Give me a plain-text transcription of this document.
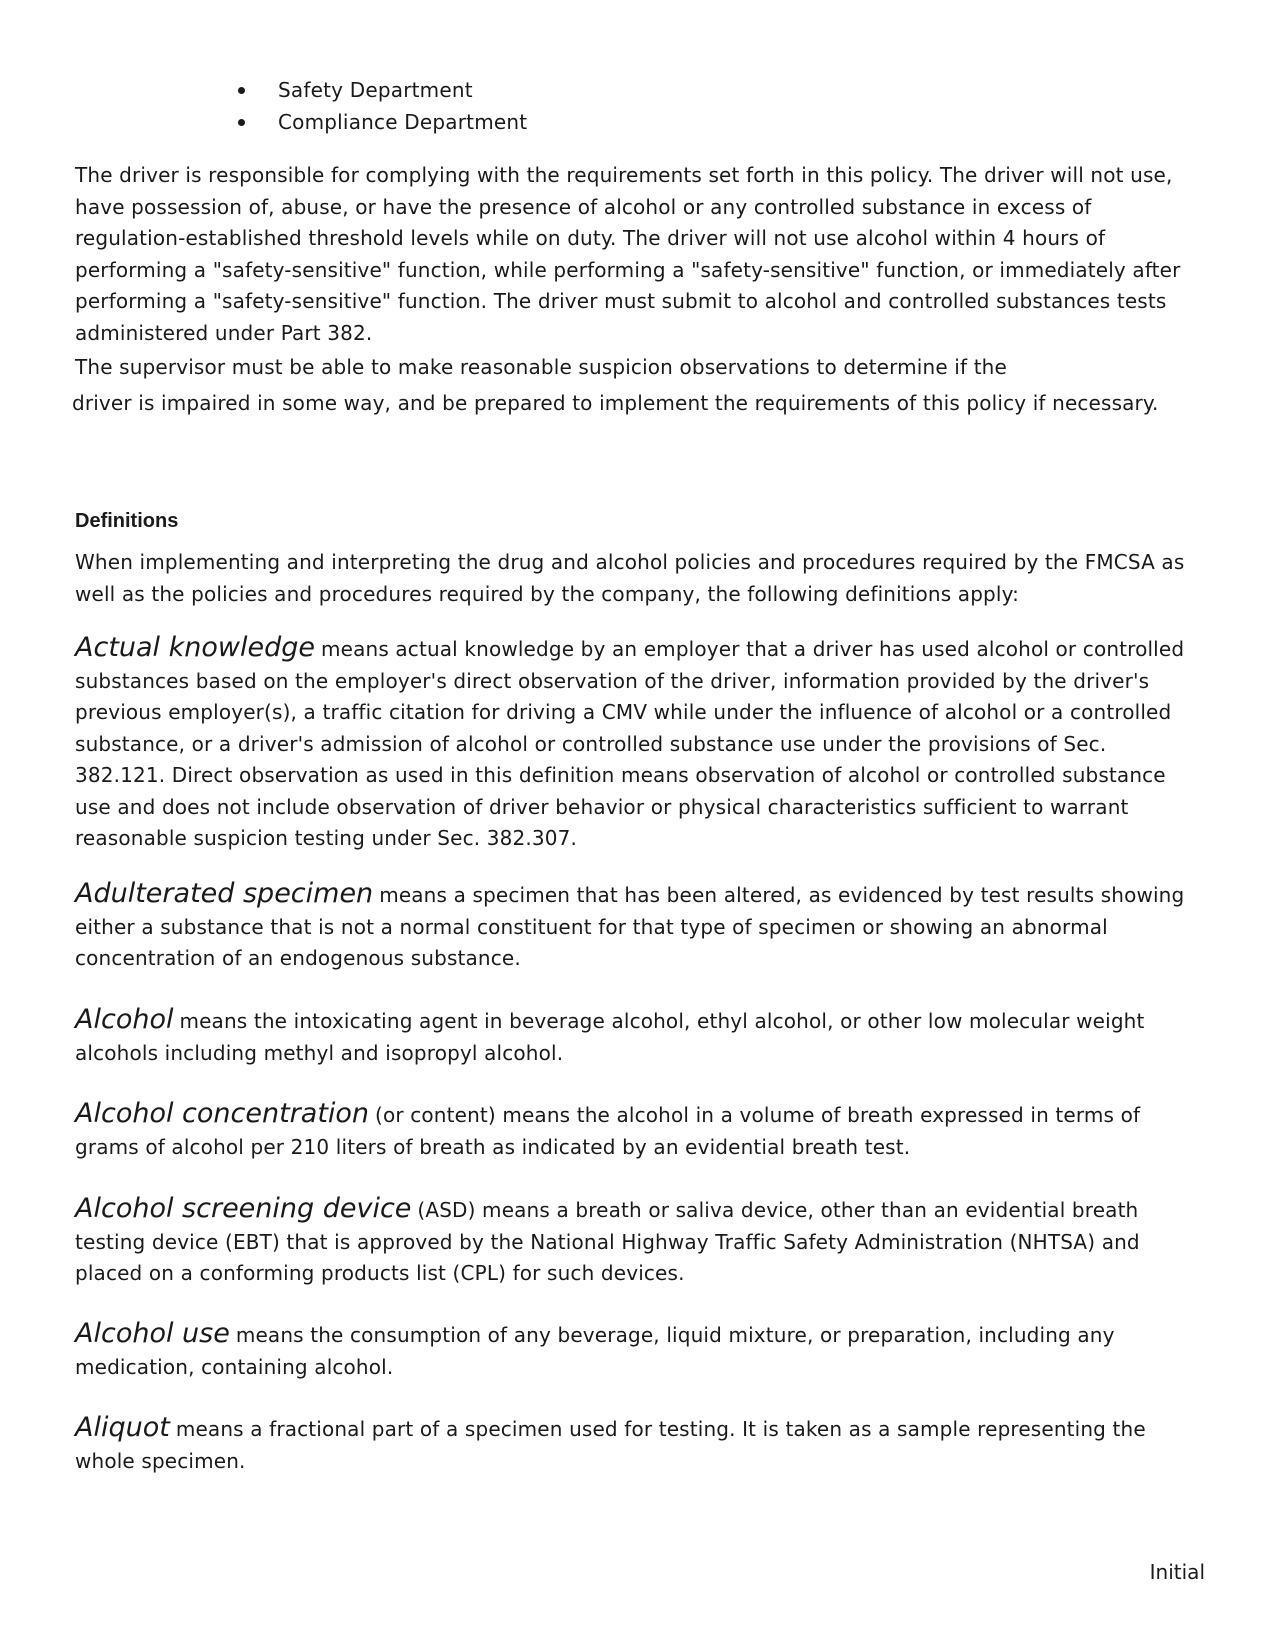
Safety Department
Compliance Department

The driver is responsible for complying with the requirements set forth in this policy. The driver will not use, have possession of, abuse, or have the presence of alcohol or any controlled substance in excess of regulation-established threshold levels while on duty. The driver will not use alcohol within 4 hours of performing a "safety-sensitive" function, while performing a "safety-sensitive" function, or immediately after performing a "safety-sensitive" function. The driver must submit to alcohol and controlled substances tests administered under Part 382.

The supervisor must be able to make reasonable suspicion observations to determine if the

driver is impaired in some way, and be prepared to implement the requirements of this policy if necessary.

Definitions

When implementing and interpreting the drug and alcohol policies and procedures required by the FMCSA as well as the policies and procedures required by the company, the following definitions apply:

Actual knowledge means actual knowledge by an employer that a driver has used alcohol or controlled substances based on the employer's direct observation of the driver, information provided by the driver's previous employer(s), a traffic citation for driving a CMV while under the influence of alcohol or a controlled substance, or a driver's admission of alcohol or controlled substance use under the provisions of Sec. 382.121. Direct observation as used in this definition means observation of alcohol or controlled substance use and does not include observation of driver behavior or physical characteristics sufficient to warrant reasonable suspicion testing under Sec. 382.307.

Adulterated specimen means a specimen that has been altered, as evidenced by test results showing either a substance that is not a normal constituent for that type of specimen or showing an abnormal concentration of an endogenous substance.

Alcohol means the intoxicating agent in beverage alcohol, ethyl alcohol, or other low molecular weight alcohols including methyl and isopropyl alcohol.

Alcohol concentration (or content) means the alcohol in a volume of breath expressed in terms of grams of alcohol per 210 liters of breath as indicated by an evidential breath test.

Alcohol screening device (ASD) means a breath or saliva device, other than an evidential breath testing device (EBT) that is approved by the National Highway Traffic Safety Administration (NHTSA) and placed on a conforming products list (CPL) for such devices.

Alcohol use means the consumption of any beverage, liquid mixture, or preparation, including any medication, containing alcohol.

Aliquot means a fractional part of a specimen used for testing. It is taken as a sample representing the whole specimen.

Initial
